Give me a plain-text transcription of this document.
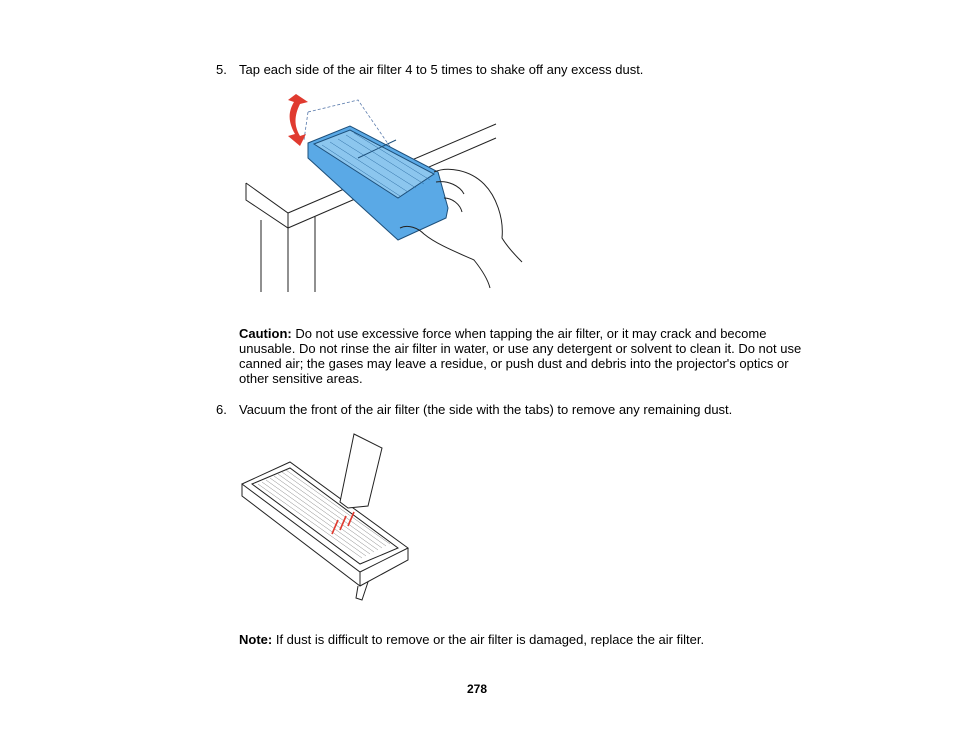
5. Tap each side of the air filter 4 to 5 times to shake off any excess dust.
Caution: Do not use excessive force when tapping the air filter, or it may crack and become unusable. Do not rinse the air filter in water, or use any detergent or solvent to clean it. Do not use canned air; the gases may leave a residue, or push dust and debris into the projector's optics or other sensitive areas.
6. Vacuum the front of the air filter (the side with the tabs) to remove any remaining dust.
Note: If dust is difficult to remove or the air filter is damaged, replace the air filter.
278
